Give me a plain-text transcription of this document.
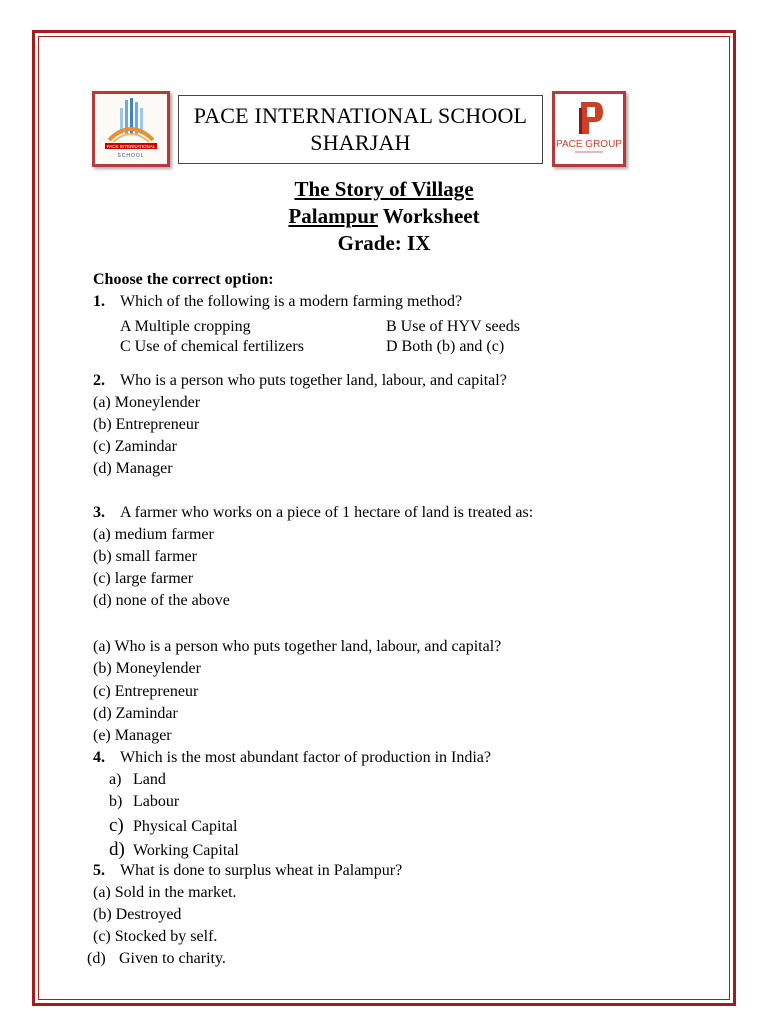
PACE INTERNATIONAL
SCHOOL
PACE INTERNATIONAL SCHOOL
SHARJAH	PACE GROUP
The Story of Village
Palampur Worksheet
Grade: IX
Choose the correct option:
1. Which of the following is a modern farming method?
A Multiple cropping	B Use of HYV seeds
C Use of chemical fertilizers	D Both (b) and (c)
2. Who is a person who puts together land, labour, and capital?
(a) Moneylender
(b) Entrepreneur
(c) Zamindar
(d) Manager
3. A farmer who works on a piece of 1 hectare of land is treated as:
(a) medium farmer
(b) small farmer
(c) large farmer
(d) none of the above
(a) Who is a person who puts together land, labour, and capital?
(b) Moneylender
(c) Entrepreneur
(d) Zamindar
(e) Manager
4. Which is the most abundant factor of production in India?
a) Land
b) Labour
c) Physical Capital
d) Working Capital
5. What is done to surplus wheat in Palampur?
(a) Sold in the market.
(b) Destroyed
(c) Stocked by self.
(d) Given to charity.
